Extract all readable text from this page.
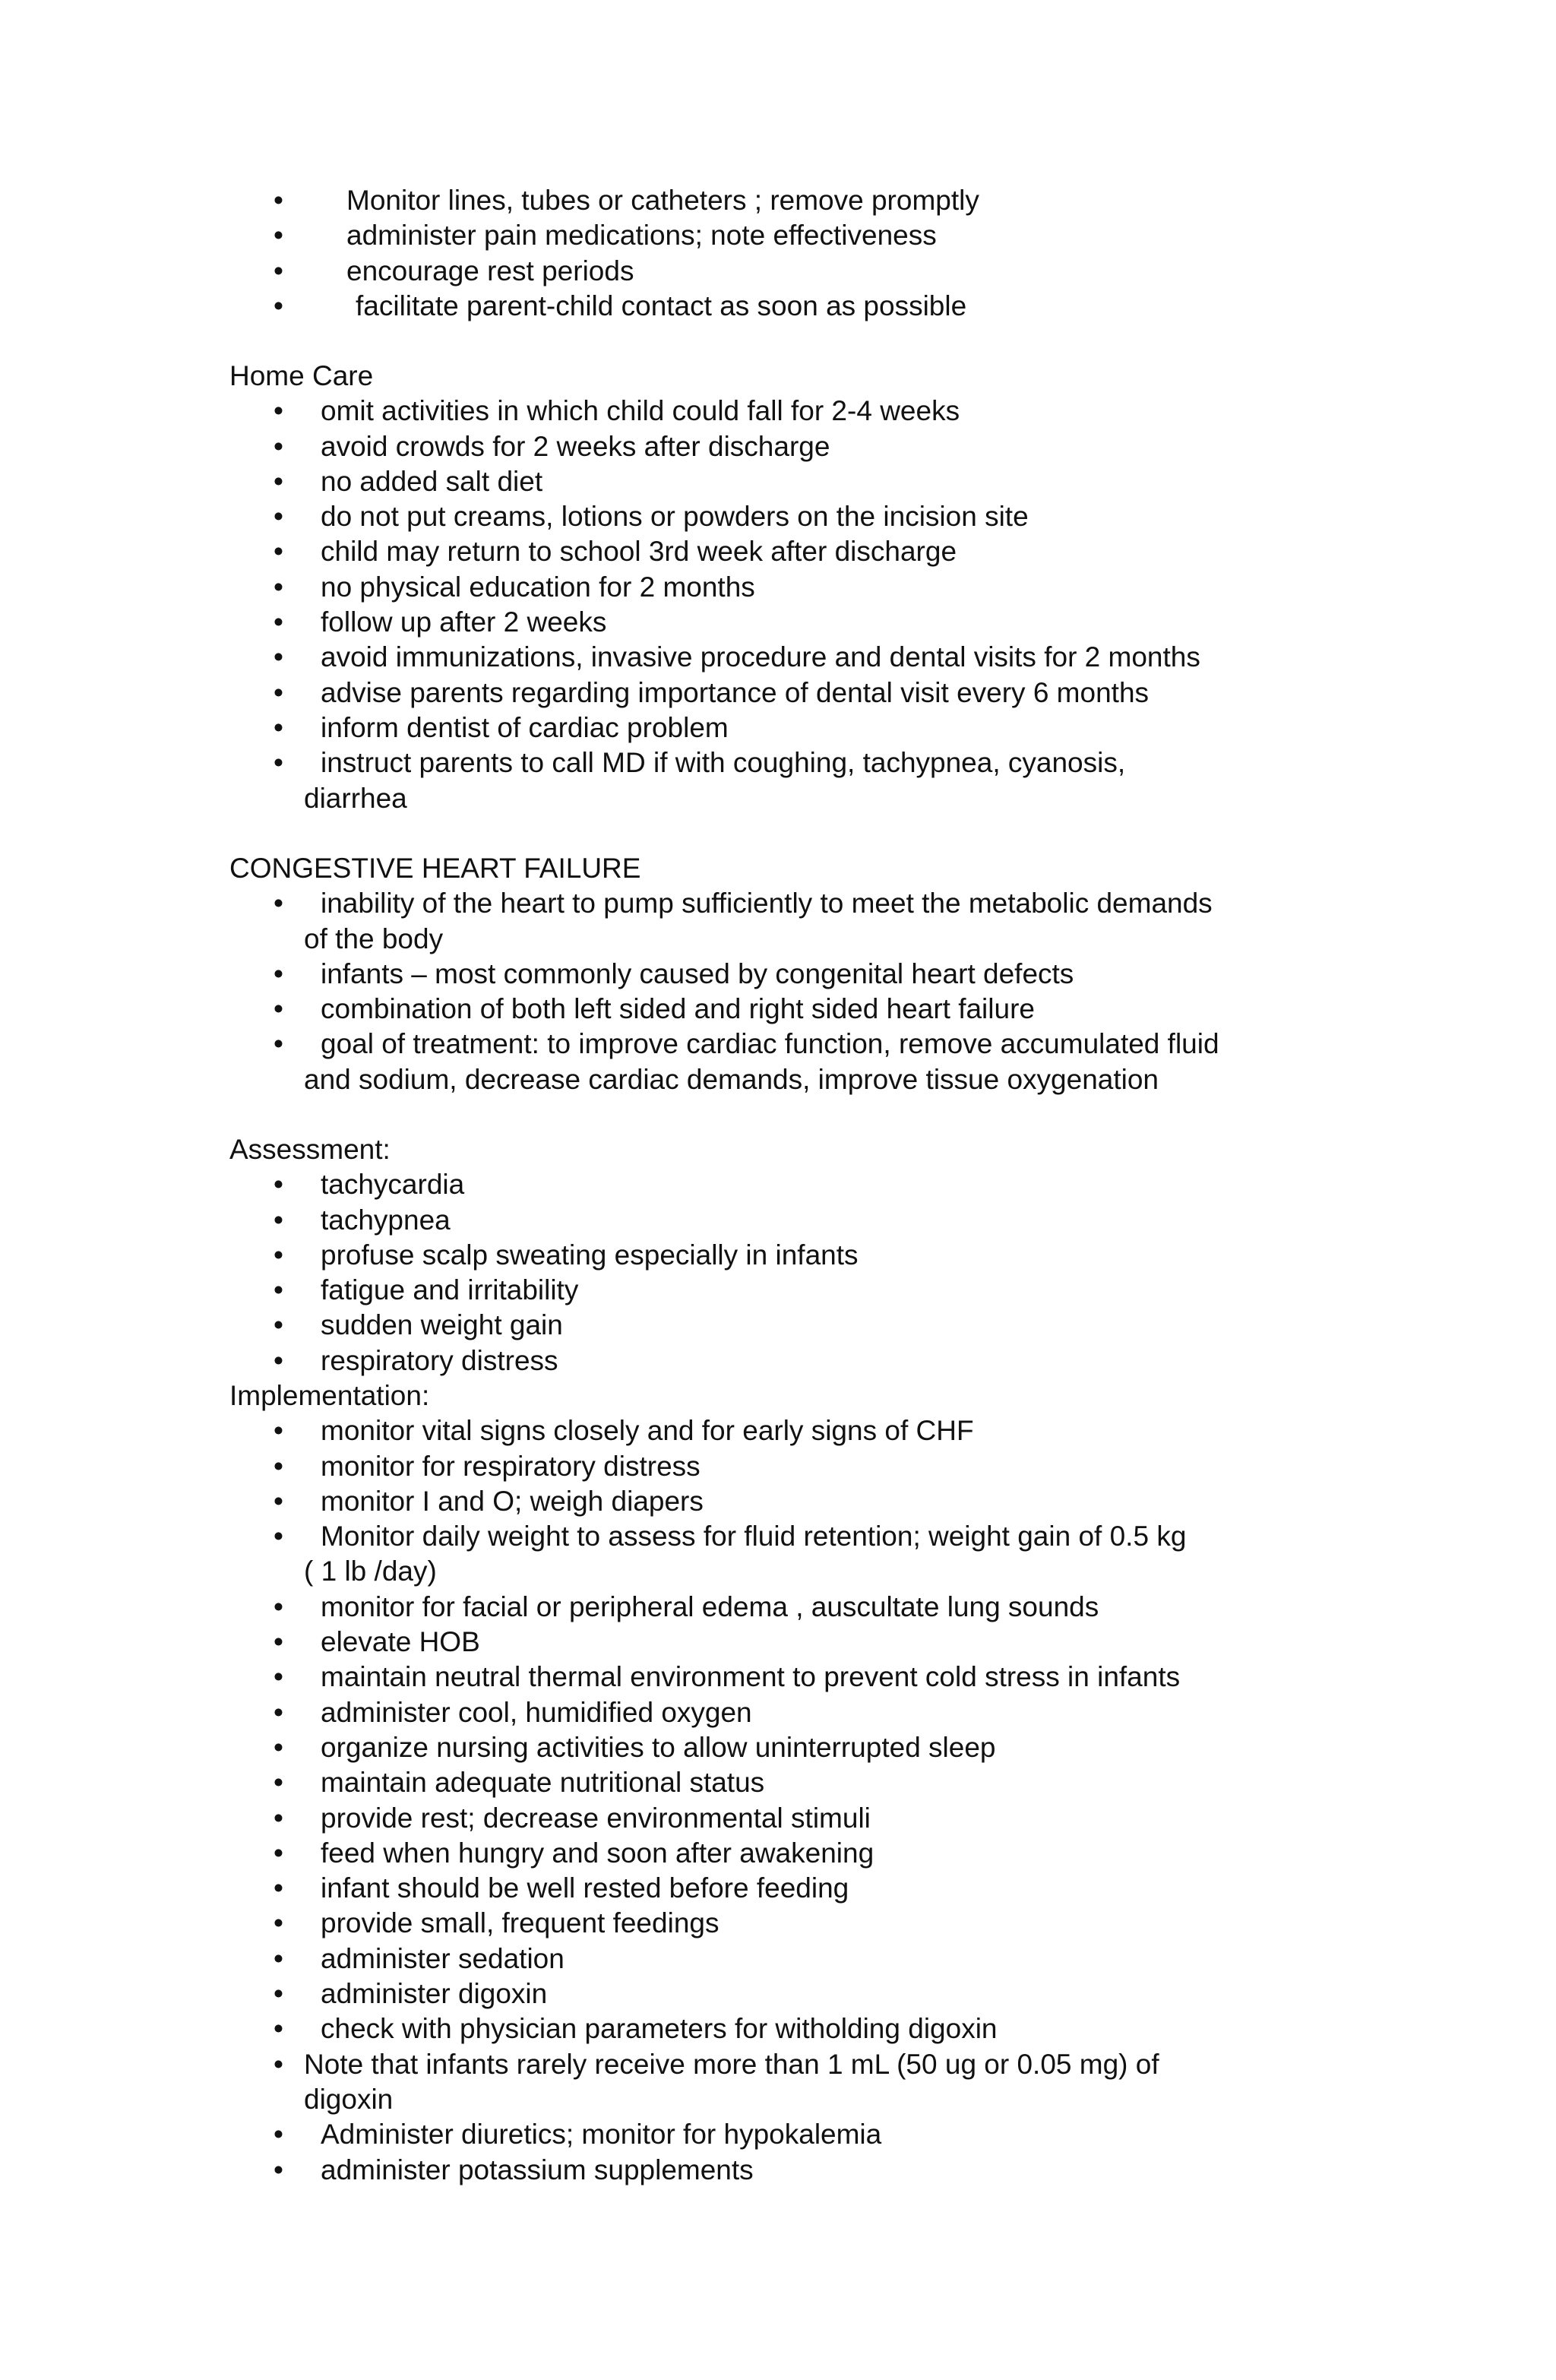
•	Monitor lines, tubes or catheters ; remove promptly
•	administer pain medications; note effectiveness
•	encourage rest periods
•	facilitate parent-child contact as soon as possible

Home Care

•	omit activities in which child could fall for 2-4 weeks
•	avoid crowds for 2 weeks after discharge
•	no added salt diet
•	do not put creams, lotions or powders on the incision site
•	child may return to school 3rd week after discharge
•	no physical education for 2 months
•	follow up after 2 weeks
•	avoid immunizations, invasive procedure and dental visits for 2 months
•	advise parents regarding importance of dental visit every 6 months
•	inform dentist of cardiac problem
•	instruct parents to call MD if with coughing, tachypnea, cyanosis,
diarrhea

CONGESTIVE HEART FAILURE

•	inability of the heart to pump sufficiently to meet the metabolic demands
of the body
•	infants – most commonly caused by congenital heart defects
•	combination of both left sided and right sided heart failure
•	goal of treatment: to improve cardiac function, remove accumulated fluid
and sodium, decrease cardiac demands, improve tissue oxygenation

Assessment:

•	tachycardia
•	tachypnea
•	profuse scalp sweating especially in infants
•	fatigue and irritability
•	sudden weight gain
•	respiratory distress

Implementation:

•	monitor vital signs closely and for early signs of CHF
•	monitor for respiratory distress
•	monitor I and O; weigh diapers
•	Monitor daily weight to assess for fluid retention; weight gain of 0.5 kg
( 1 lb /day)
•	monitor for facial or peripheral edema , auscultate lung sounds
•	elevate HOB
•	maintain neutral thermal environment to prevent cold stress in infants
•	administer cool, humidified oxygen
•	organize nursing activities to allow uninterrupted sleep
•	maintain adequate nutritional status
•	provide rest; decrease environmental stimuli
•	feed when hungry and soon after awakening
•	infant should be well rested before feeding
•	provide small, frequent feedings
•	administer sedation
•	administer digoxin
•	check with physician parameters for witholding digoxin
• Note that infants rarely receive more than 1 mL (50 ug or 0.05 mg) of
digoxin
•	Administer diuretics; monitor for hypokalemia
•	administer potassium supplements
